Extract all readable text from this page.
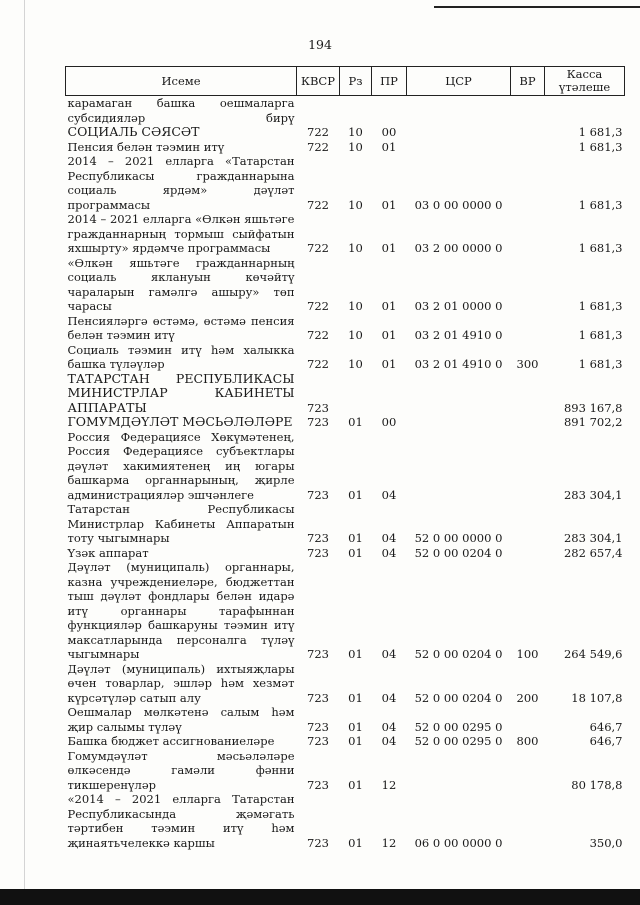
194
Исеме	КВСР	Рз	ПР	ЦСР	ВР	Касса үтәлеше
карамаган башка оешмаларга субсидияләр бирү						
СОЦИАЛЬ СӘЯСӘТ	722	10	00			1 681,3
Пенсия белән тәэмин итү	722	10	01			1 681,3
2014 – 2021 елларга «Татарстан Республикасы гражданнарына социаль ярдәм» дәүләт программасы	722	10	01	03 0 00 0000 0		1 681,3
2014 – 2021 елларга «Өлкән яшьтәге гражданнарның тормыш сыйфатын яхшырту» ярдәмче программасы	722	10	01	03 2 00 0000 0		1 681,3
«Өлкән яшьтәге гражданнарның социаль яклануын көчәйтү чараларын гамәлгә ашыру» төп чарасы	722	10	01	03 2 01 0000 0		1 681,3
Пенсияләргә өстәмә, өстәмә пенсия белән тәэмин итү	722	10	01	03 2 01 4910 0		1 681,3
Социаль тәэмин итү һәм халыкка башка түләүләр	722	10	01	03 2 01 4910 0	300	1 681,3
ТАТАРСТАН РЕСПУБЛИКАСЫ МИНИСТРЛАР КАБИНЕТЫ АППАРАТЫ	723					893 167,8
ГОМУМДӘҮЛӘТ МӘСЬӘЛӘЛӘРЕ	723	01	00			891 702,2
Россия Федерациясе Хөкүмәтенең, Россия Федерациясе субъектлары дәүләт хакимиятенең иң югары башкарма органнарының, җирле администрацияләр эшчәнлеге	723	01	04			283 304,1
Татарстан Республикасы Министрлар Кабинеты Аппаратын тоту чыгымнары	723	01	04	52 0 00 0000 0		283 304,1
Үзәк аппарат	723	01	04	52 0 00 0204 0		282 657,4
Дәүләт (муниципаль) органнары, казна учреждениеләре, бюджеттан тыш дәүләт фондлары белән идарә итү органнары тарафыннан функцияләр башкаруны тәэмин итү максатларында персоналга түләү чыгымнары	723	01	04	52 0 00 0204 0	100	264 549,6
Дәүләт (муниципаль) ихтыяҗлары өчен товарлар, эшләр һәм хезмәт күрсәтүләр сатып алу	723	01	04	52 0 00 0204 0	200	18 107,8
Оешмалар мөлкәтенә салым һәм җир салымы түләү	723	01	04	52 0 00 0295 0		646,7
Башка бюджет ассигнованиеләре	723	01	04	52 0 00 0295 0	800	646,7
Гомумдәүләт мәсьәләләре өлкәсендә гамәли фәнни тикшеренүләр	723	01	12			80 178,8
«2014 – 2021 елларга Татарстан Республикасында җәмәгать тәртибен тәэмин итү һәм җинаятьчелеккә каршы	723	01	12	06 0 00 0000 0		350,0
